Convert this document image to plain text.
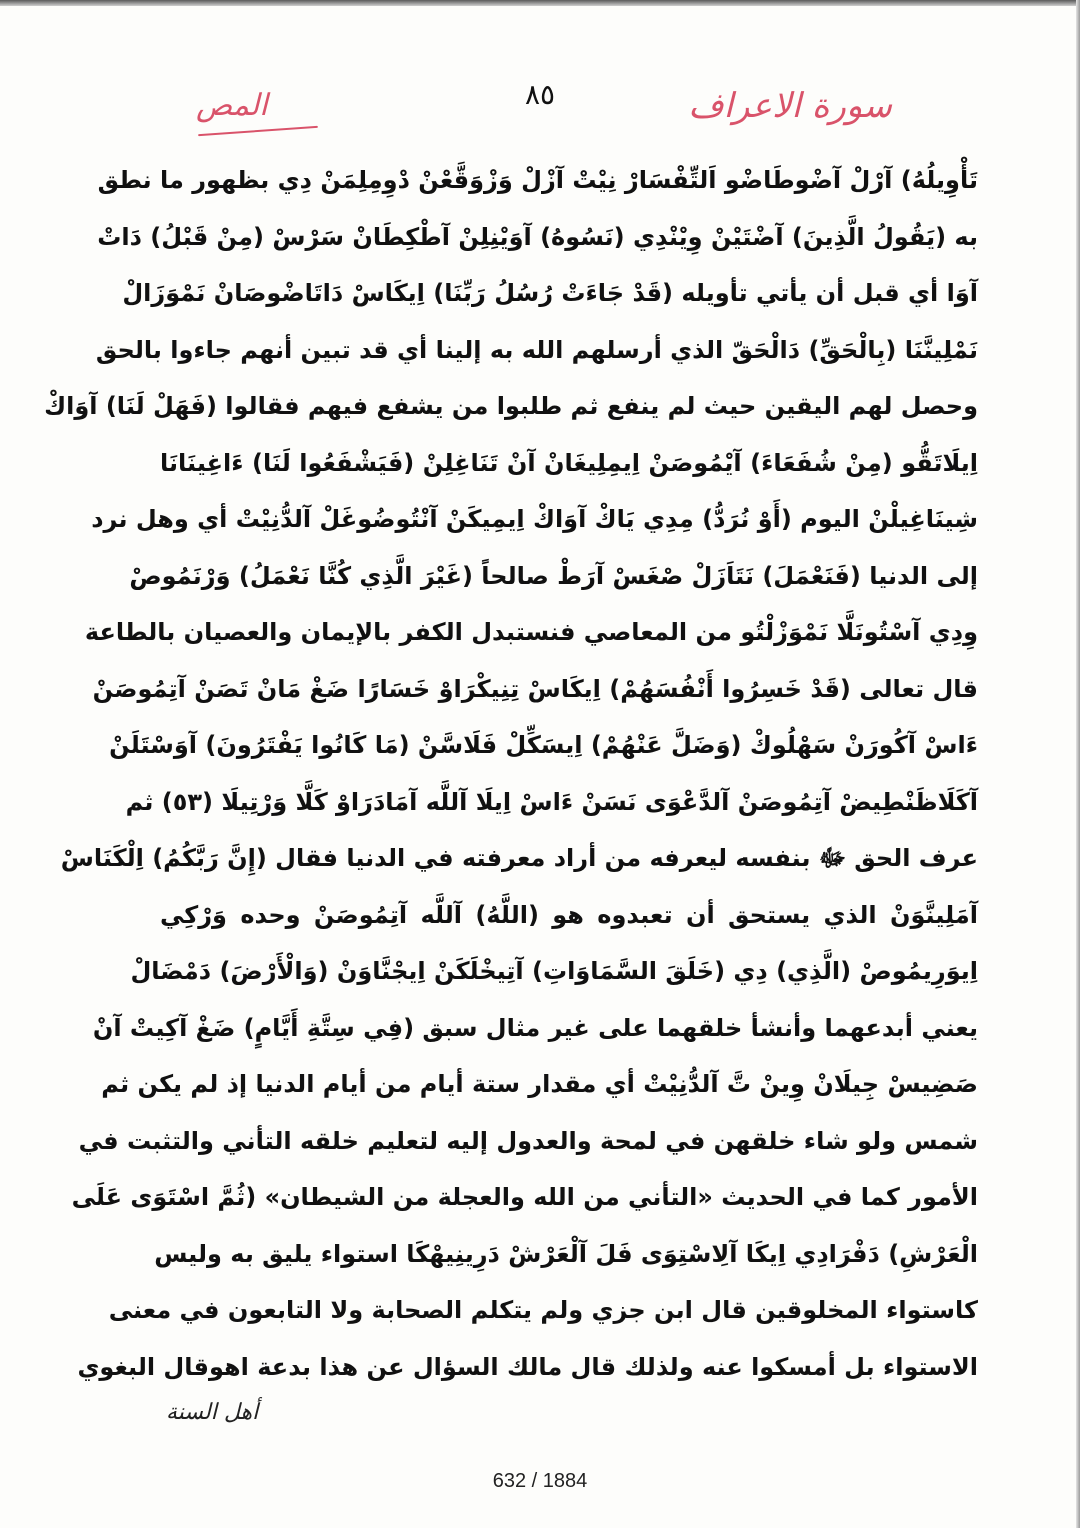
سورة الاعراف
٨٥
المص
تَأْوِيلُهُ) آرْلْ آضْوطَاضْو اَلتِّفْسَارْ نِيْتْ آزْلْ وَزْوَقَّعْنْ دْوِمِلِمَنْ دِي بظهور ما نطق
به (يَقُولُ الَّذِينَ) آضْتَيْنْ وِيْنْدِي (نَسُوهُ) آوَيْنِلِنْ آطْكِطَانْ سَرْسْ (مِنْ قَبْلُ) دَاتْ
آوَا أي قبل أن يأتي تأويله (قَدْ جَاءَتْ رُسُلُ رَبِّنَا) اِيكَاسْ دَاتَاضْوصَانْ نَمْوَزَالْ
نَمْلِينَّنَا (بِالْحَقِّ) دَالْحَقّ الذي أرسلهم الله به إلينا أي قد تبين أنهم جاءوا بالحق
وحصل لهم اليقين حيث لم ينفع ثم طلبوا من يشفع فيهم فقالوا (فَهَلْ لَنَا) آوَاكْ
اِيلَاتَقُّو (مِنْ شُفَعَاءَ) آيْمُوصَنْ اِيمِلِيغَانْ آنْ تَنَاغِلِنْ (فَيَشْفَعُوا لَنَا) ءَاغِينَانَا
شِينَاغِيلْنْ اليوم (أَوْ نُرَدُّ) مِدِي يَاكْ آوَاكْ اِيمِيكَنْ آنْتُوضُوغَلْ آلدُّنِيْتْ أي وهل نرد
إلى الدنيا (فَنَعْمَلَ) نَتَاَزَلْ صْغَسْ آرَطْ صالحاً (غَيْرَ الَّذِي كُنَّا نَعْمَلُ) وَرْنَمُوصْ
وِدِي آسْتُونَلَّا نَمْوَزْلْتُو من المعاصي فنستبدل الكفر بالإيمان والعصيان بالطاعة
قال تعالى (قَدْ خَسِرُوا أَنْفُسَهُمْ) اِيكَاسْ تِنِيكْرَاوْ خَسَارًا ضَغْ مَانْ تَصَنْ آتِمُوصَنْ
ءَاسْ آكُورَنْ سَهْلُوكْ (وَضَلَّ عَنْهُمْ) اِيسَكِّلْ فَلَاسَّنْ (مَا كَانُوا يَفْتَرُونَ) آوَسْتَلَنْ
آكَلَاظَنْطِيضْ آتِمُوصَنْ آلدَّعْوَى نَسَنْ ءَاسْ اِيلَا آللَّه آمَادَرَاوْ كَلَّا وَرْتِيلَا (٥٣) ثم
عرف الحق ﷻ بنفسه ليعرفه من أراد معرفته في الدنيا فقال (إِنَّ رَبَّكُمُ) اِلْكَنَاسْ
آمَلِينَّوَنْ الذي يستحق أن تعبدوه هو (اللَّهُ) آللَّه آتِمُوصَنْ وحده وَرْكِي
اِيوَرِيمُوصْ (الَّذِي) دِي (خَلَقَ السَّمَاوَاتِ) آتِيخْلَكَنْ اِيجْنَّاوَنْ (وَالْأَرْضَ) دَمْضَالْ
يعني أبدعهما وأنشأ خلقهما على غير مثال سبق (فِي سِتَّةِ أَيَّامٍ) ضَغْ آكِيتْ آنْ
صَضِيسْ جِيلَانْ وِينْ تَّ آلدُّنِيْتْ أي مقدار ستة أيام من أيام الدنيا إذ لم يكن ثم
شمس ولو شاء خلقهن في لمحة والعدول إليه لتعليم خلقه التأني والتثبت في
الأمور كما في الحديث «التأني من الله والعجلة من الشيطان» (ثُمَّ اسْتَوَى عَلَى
الْعَرْشِ) دَفْرَادِي اِيكَا آلِاسْتِوَى فَلَ آلْعَرْشْ دَرِينِيهْكَا استواء يليق به وليس
كاستواء المخلوقين قال ابن جزي ولم يتكلم الصحابة ولا التابعون في معنى
الاستواء بل أمسكوا عنه ولذلك قال مالك السؤال عن هذا بدعة اهوقال البغوي
أهل السنة
632 / 1884
